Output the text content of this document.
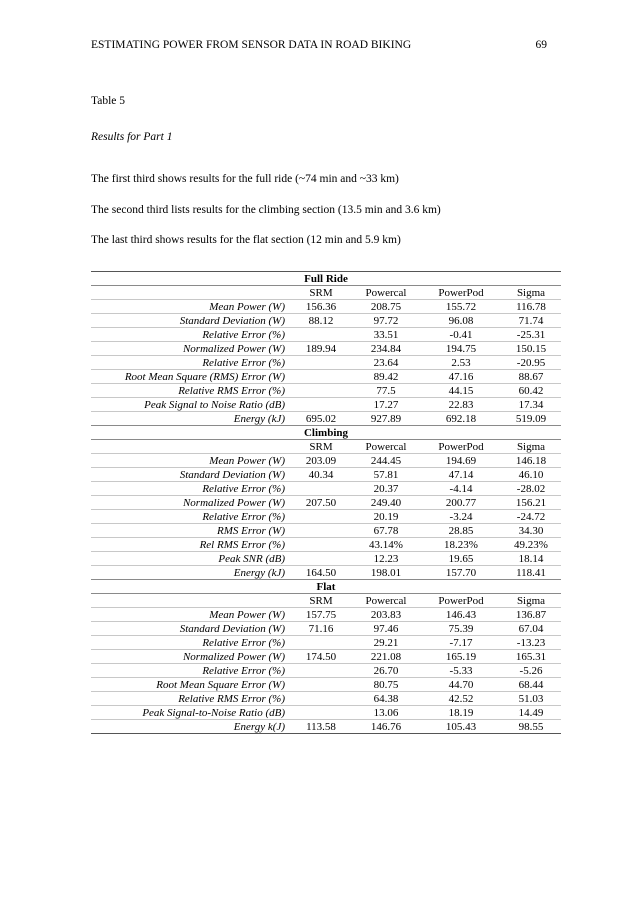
ESTIMATING POWER FROM SENSOR DATA IN ROAD BIKING	69
Table 5
Results for Part 1
The first third shows results for the full ride (~74 min and ~33 km)
The second third lists results for the climbing section (13.5 min and 3.6 km)
The last third shows results for the flat section (12 min and 5.9 km)
Full Ride				
	SRM	Powercal	PowerPod	Sigma
Mean Power (W)	156.36	208.75	155.72	116.78
Standard Deviation (W)	88.12	97.72	96.08	71.74
Relative Error (%)		33.51	-0.41	-25.31
Normalized Power (W)	189.94	234.84	194.75	150.15
Relative Error (%)		23.64	2.53	-20.95
Root Mean Square (RMS) Error (W)		89.42	47.16	88.67
Relative RMS Error (%)		77.5	44.15	60.42
Peak Signal to Noise Ratio (dB)		17.27	22.83	17.34
Energy (kJ)	695.02	927.89	692.18	519.09
Climbing				
	SRM	Powercal	PowerPod	Sigma
Mean Power (W)	203.09	244.45	194.69	146.18
Standard Deviation (W)	40.34	57.81	47.14	46.10
Relative Error (%)		20.37	-4.14	-28.02
Normalized Power (W)	207.50	249.40	200.77	156.21
Relative Error (%)		20.19	-3.24	-24.72
RMS Error (W)		67.78	28.85	34.30
Rel RMS Error (%)		43.14%	18.23%	49.23%
Peak SNR (dB)		12.23	19.65	18.14
Energy (kJ)	164.50	198.01	157.70	118.41
Flat				
	SRM	Powercal	PowerPod	Sigma
Mean Power (W)	157.75	203.83	146.43	136.87
Standard Deviation (W)	71.16	97.46	75.39	67.04
Relative Error (%)		29.21	-7.17	-13.23
Normalized Power (W)	174.50	221.08	165.19	165.31
Relative Error (%)		26.70	-5.33	-5.26
Root Mean Square Error (W)		80.75	44.70	68.44
Relative RMS Error (%)		64.38	42.52	51.03
Peak Signal-to-Noise Ratio (dB)		13.06	18.19	14.49
Energy k(J)	113.58	146.76	105.43	98.55
